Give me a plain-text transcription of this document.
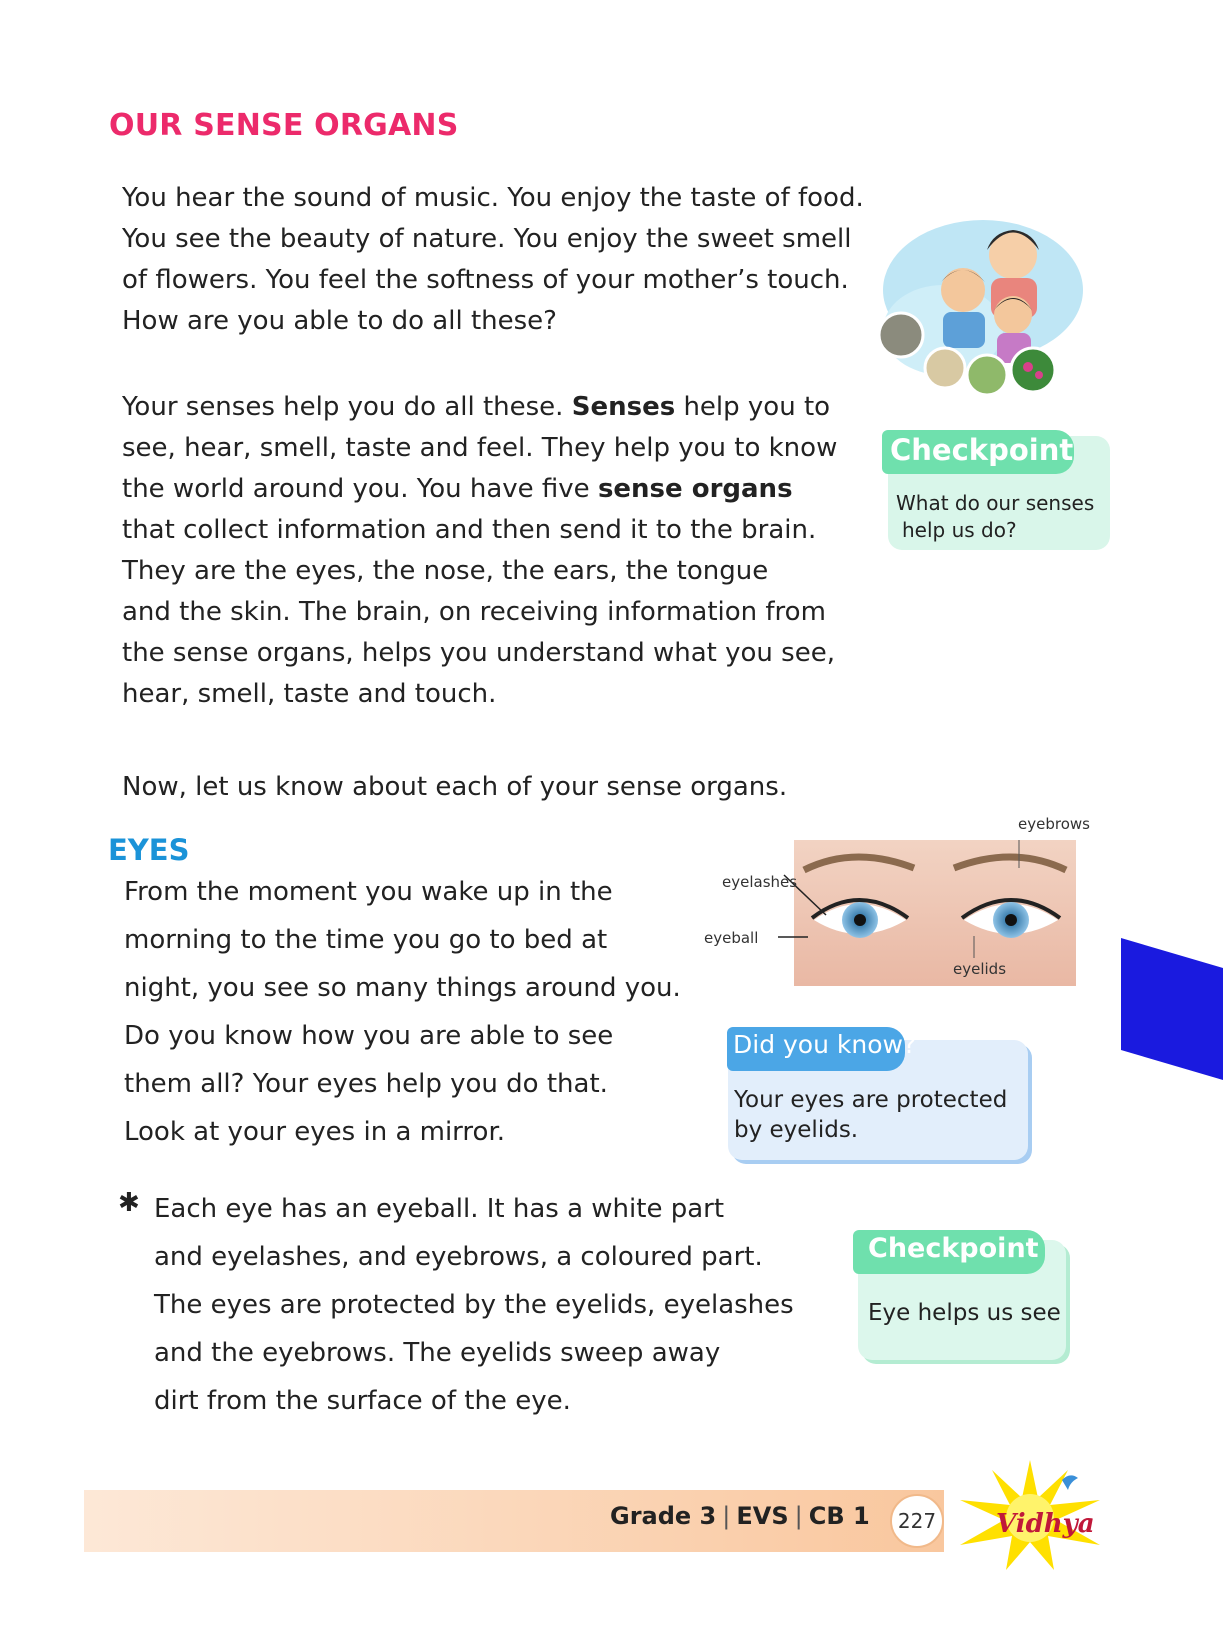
OUR SENSE ORGANS
You hear the sound of music. You enjoy the taste of food.
You see the beauty of nature. You enjoy the sweet smell
of flowers. You feel the softness of your mother’s touch.
How are you able to do all these?
Your senses help you do all these. Senses help you to
see, hear, smell, taste and feel. They help you to know
the world around you. You have five sense organs
that collect information and then send it to the brain.
They are the eyes, the nose, the ears, the tongue
and the skin. The brain, on receiving information from
the sense organs, helps you understand what you see,
hear, smell, taste and touch.
Checkpoint
What do our senses
help us do?
Now, let us know about each of your sense organs.
EYES
From the moment you wake up in the
morning to the time you go to bed at
night, you see so many things around you.
Do you know how you are able to see
them all? Your eyes help you do that.
Look at your eyes in a mirror.
eyebrows
eyelashes
eyeball
eyelids
Did you know?
Your eyes are protected
by eyelids.
✱ Each eye has an eyeball. It has a white part
and eyelashes, and eyebrows, a coloured part.
The eyes are protected by the eyelids, eyelashes
and the eyebrows. The eyelids sweep away
dirt from the surface of the eye.
Checkpoint
Eye helps us see
Grade 3 | EVS | CB 1	227	Vidhya
